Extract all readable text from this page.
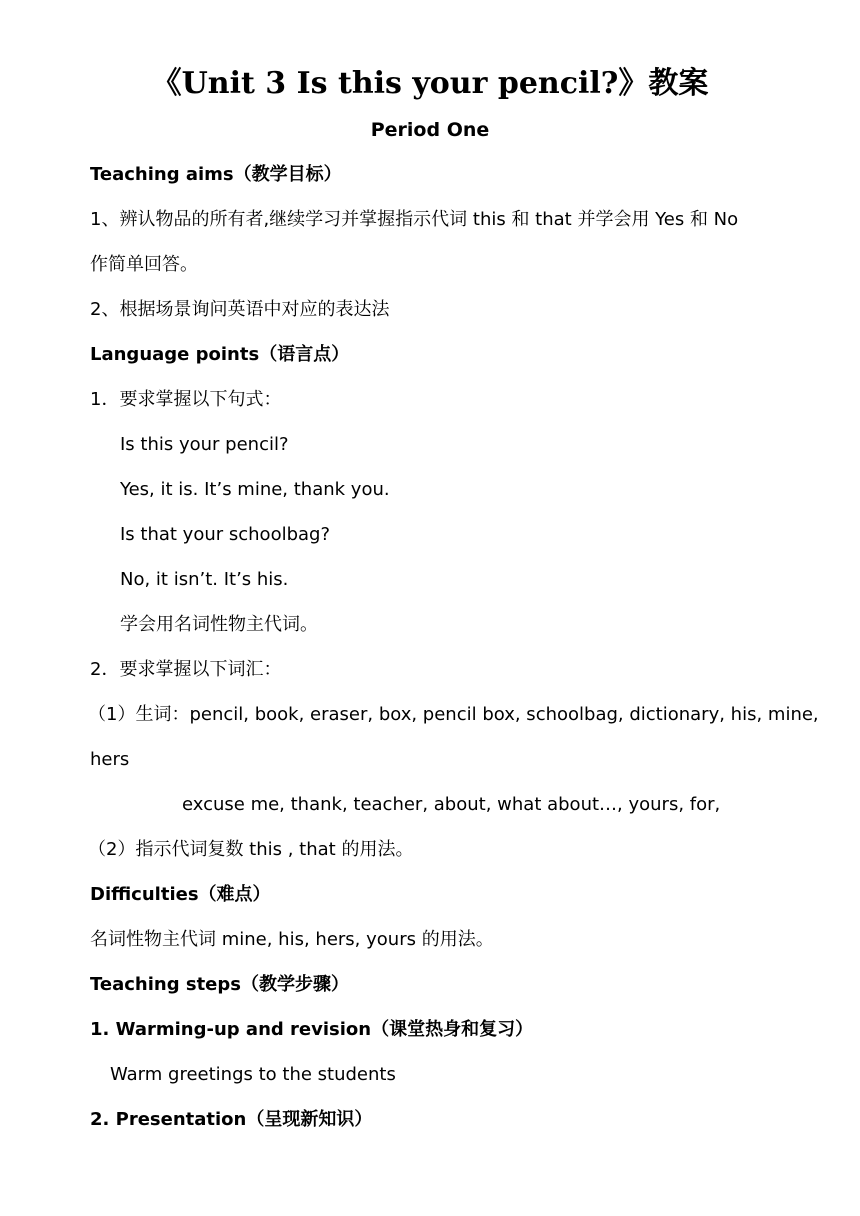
《Unit 3 Is this your pencil?》教案
Period One
Teaching aims（教学目标）
1、辨认物品的所有者,继续学习并掌握指示代词 this 和 that 并学会用 Yes 和 No
作简单回答。
2、根据场景询问英语中对应的表达法
Language points（语言点）
1．要求掌握以下句式：
Is this your pencil?
Yes, it is. It’s mine, thank you.
Is that your schoolbag?
No, it isn’t. It’s his.
学会用名词性物主代词。
2．要求掌握以下词汇：
（1）生词：pencil, book, eraser, box, pencil box, schoolbag, dictionary, his, mine,
hers
excuse me, thank, teacher, about, what about…, yours, for,
（2）指示代词复数 this , that 的用法。
Difficulties（难点）
名词性物主代词 mine, his, hers, yours 的用法。
Teaching steps（教学步骤）
1. Warming-up and revision（课堂热身和复习）
Warm greetings to the students
2. Presentation（呈现新知识）
